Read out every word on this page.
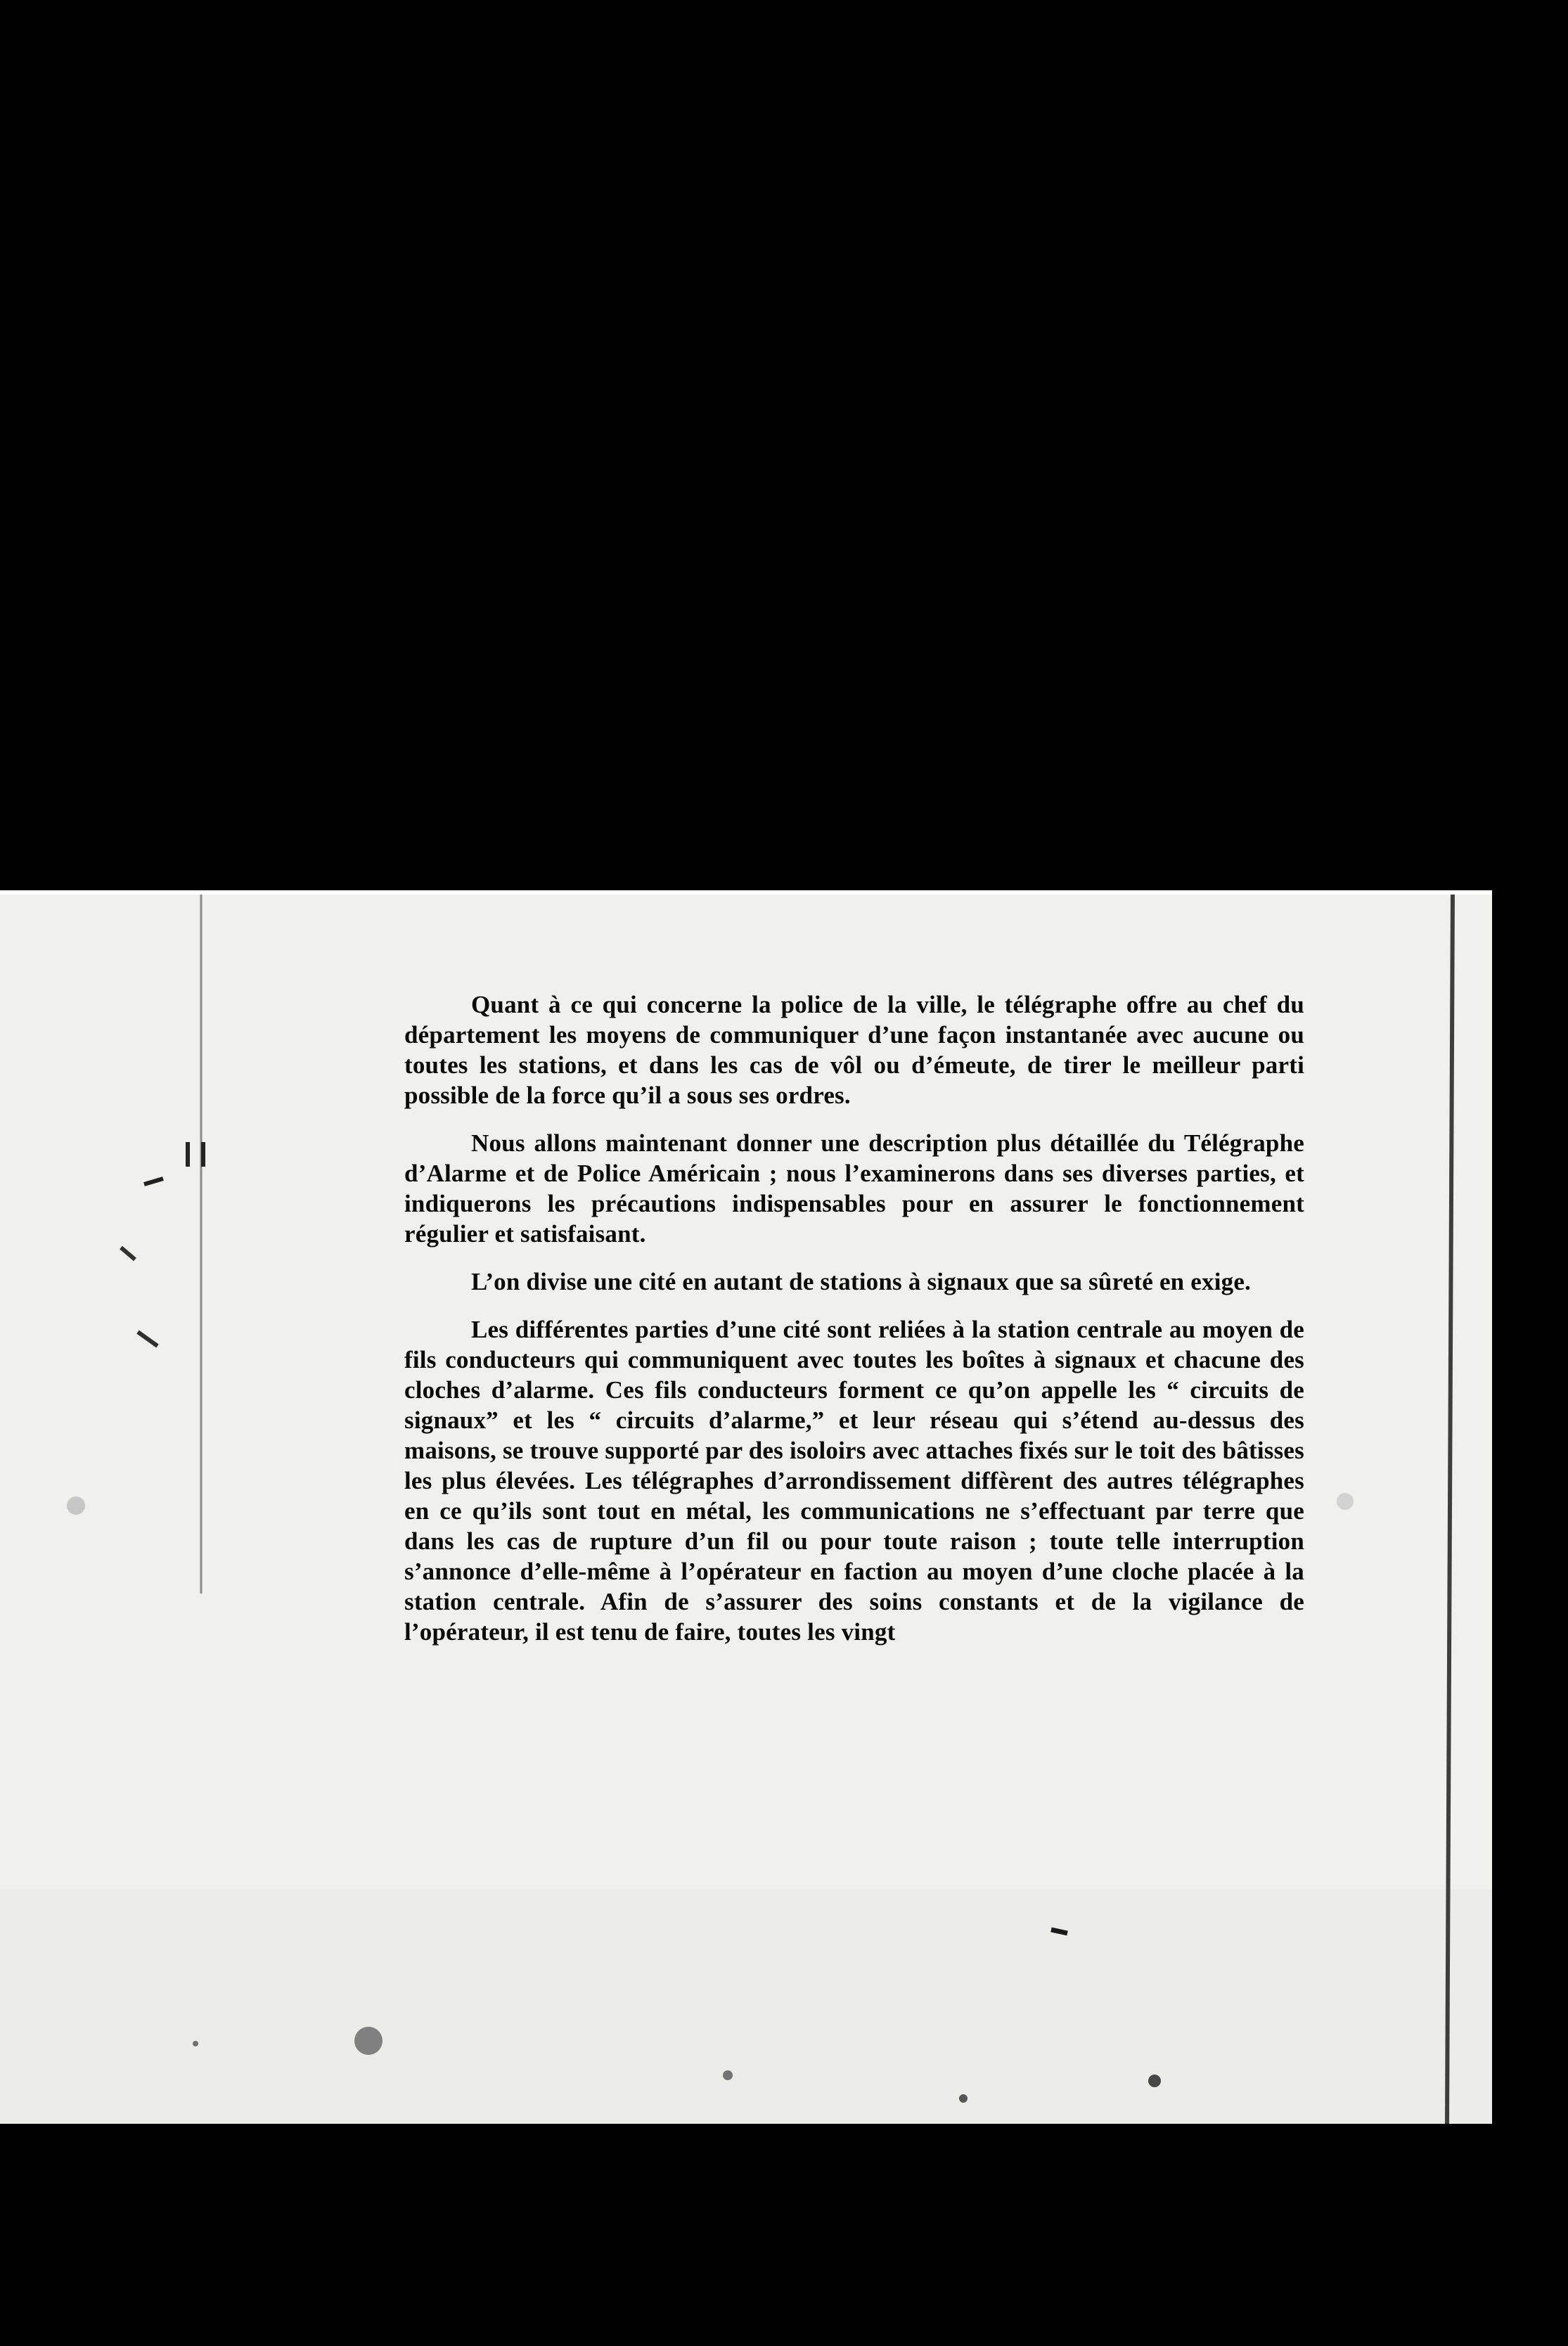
Quant à ce qui concerne la police de la ville, le télégraphe offre au chef du département les moyens de communiquer d’une façon instantanée avec aucune ou toutes les stations, et dans les cas de vôl ou d’émeute, de tirer le meilleur parti possible de la force qu’il a sous ses ordres.

Nous allons maintenant donner une description plus détaillée du Télégraphe d’Alarme et de Police Américain ; nous l’examinerons dans ses diverses parties, et indiquerons les précautions indispensables pour en assurer le fonctionnement régulier et satisfaisant.

L’on divise une cité en autant de stations à signaux que sa sûreté en exige.

Les différentes parties d’une cité sont reliées à la station centrale au moyen de fils conducteurs qui communiquent avec toutes les boîtes à signaux et chacune des cloches d’alarme. Ces fils conducteurs forment ce qu’on appelle les “ circuits de signaux” et les “ circuits d’alarme,” et leur réseau qui s’étend au-dessus des maisons, se trouve supporté par des isoloirs avec attaches fixés sur le toit des bâtisses les plus élevées. Les télégraphes d’arrondissement diffèrent des autres télégraphes en ce qu’ils sont tout en métal, les communications ne s’effectuant par terre que dans les cas de rupture d’un fil ou pour toute raison ; toute telle interruption s’annonce d’elle-même à l’opérateur en faction au moyen d’une cloche placée à la station centrale. Afin de s’assurer des soins constants et de la vigilance de l’opérateur, il est tenu de faire, toutes les vingt
